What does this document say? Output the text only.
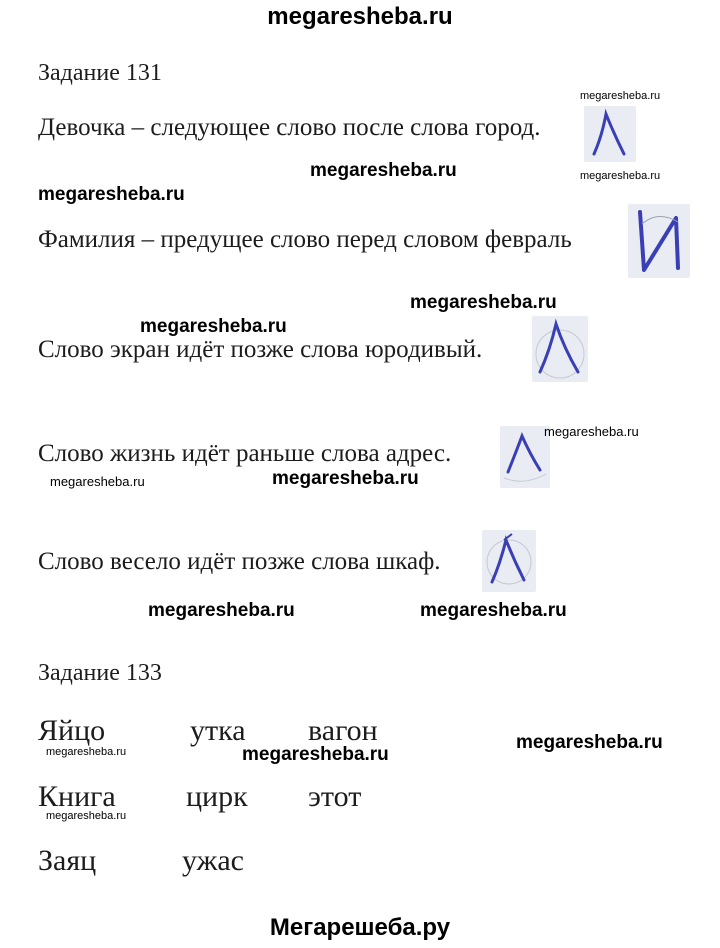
megaresheba.ru
Задание 131
Девочка – следующее слово после слова город.
Фамилия – предущее слово перед словом февраль
Слово экран идёт позже слова юродивый.
Слово жизнь идёт раньше слова адрес.
Слово весело идёт позже слова шкаф.
megaresheba.ru
megaresheba.ru
megaresheba.ru
megaresheba.ru
megaresheba.ru
megaresheba.ru
megaresheba.ru
megaresheba.ru
megaresheba.ru
megaresheba.ru	megaresheba.ru
Задание 133
Яйцо	утка вагон
Книга цирк этот
Заяц	ужас
megaresheba.ru	megaresheba.ru
megaresheba.ru
megaresheba.ru
Мегарешеба.ру
